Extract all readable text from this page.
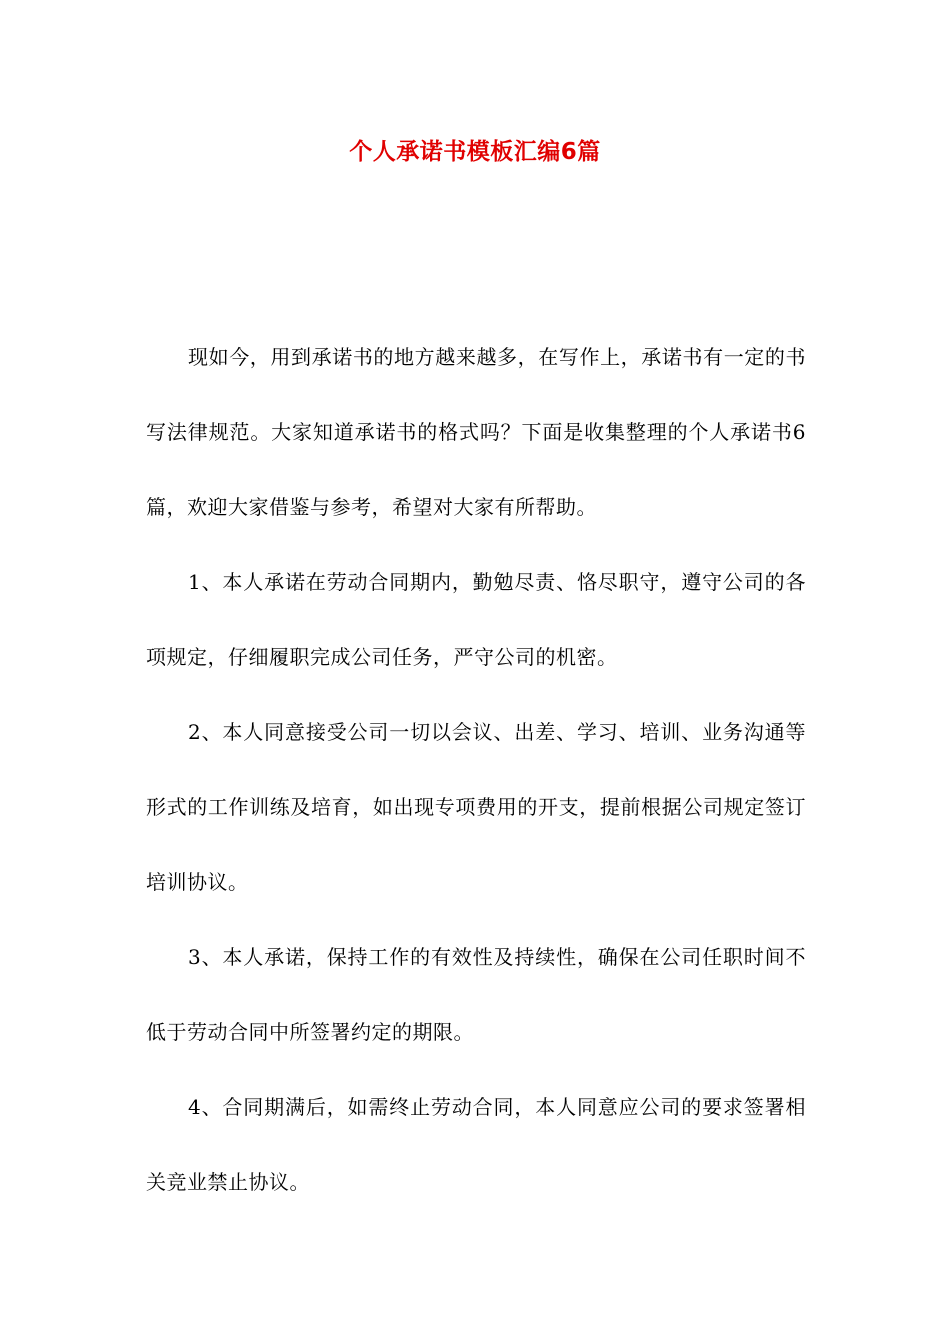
个人承诺书模板汇编6篇

现如今，用到承诺书的地方越来越多，在写作上，承诺书有一定的书写法律规范。大家知道承诺书的格式吗？下面是收集整理的个人承诺书6篇，欢迎大家借鉴与参考，希望对大家有所帮助。

1、本人承诺在劳动合同期内，勤勉尽责、恪尽职守，遵守公司的各项规定，仔细履职完成公司任务，严守公司的机密。

2、本人同意接受公司一切以会议、出差、学习、培训、业务沟通等形式的工作训练及培育，如出现专项费用的开支，提前根据公司规定签订培训协议。

3、本人承诺，保持工作的有效性及持续性，确保在公司任职时间不低于劳动合同中所签署约定的期限。

4、合同期满后，如需终止劳动合同，本人同意应公司的要求签署相关竞业禁止协议。
